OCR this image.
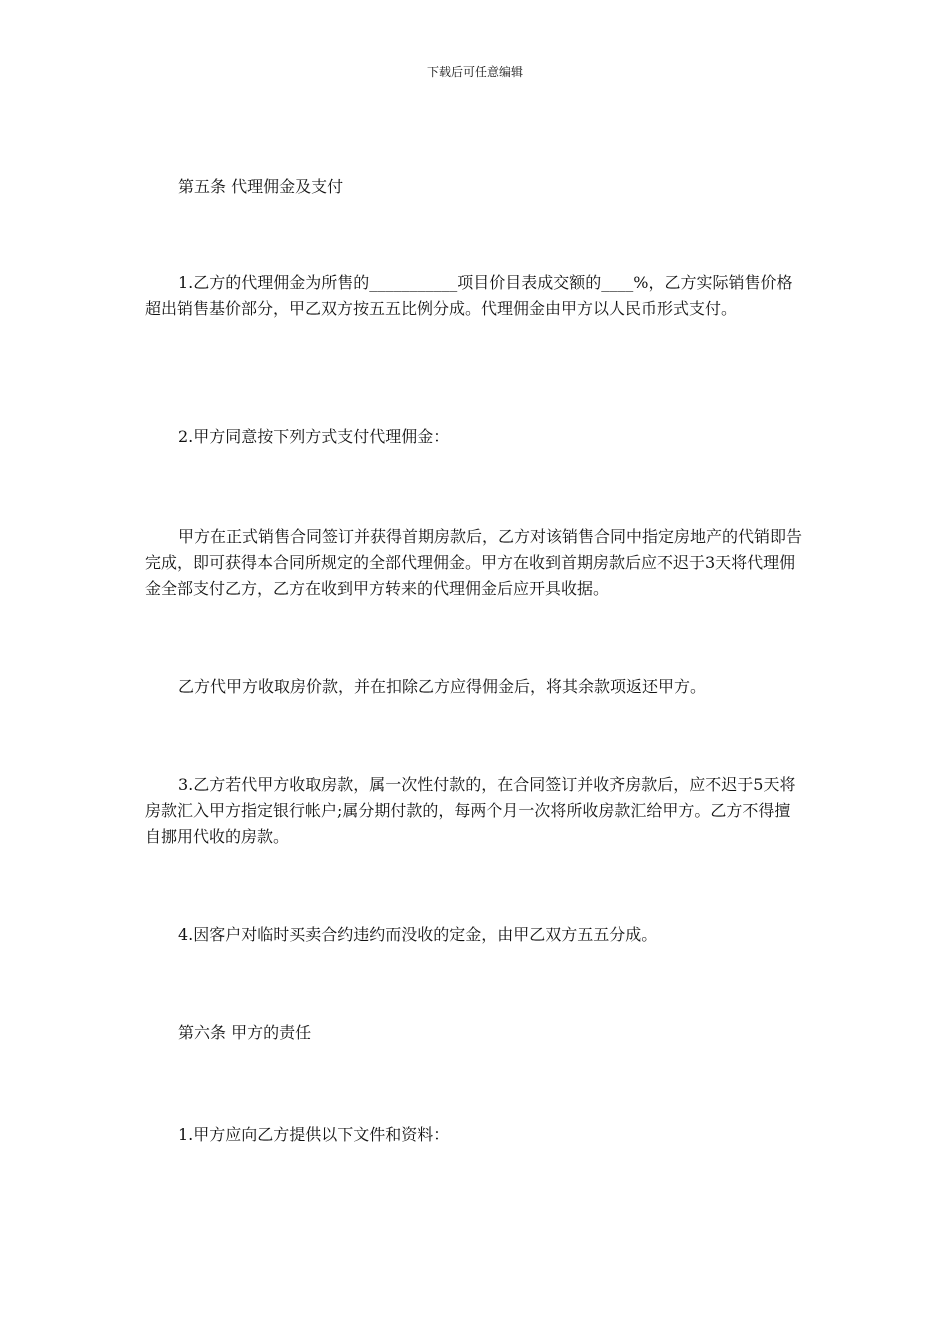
下载后可任意编辑

第五条 代理佣金及支付

1.乙方的代理佣金为所售的___________项目价目表成交额的____%，乙方实际销售价格超出销售基价部分，甲乙双方按五五比例分成。代理佣金由甲方以人民币形式支付。

2.甲方同意按下列方式支付代理佣金：

甲方在正式销售合同签订并获得首期房款后，乙方对该销售合同中指定房地产的代销即告完成，即可获得本合同所规定的全部代理佣金。甲方在收到首期房款后应不迟于3天将代理佣金全部支付乙方，乙方在收到甲方转来的代理佣金后应开具收据。

乙方代甲方收取房价款，并在扣除乙方应得佣金后，将其余款项返还甲方。

3.乙方若代甲方收取房款，属一次性付款的，在合同签订并收齐房款后，应不迟于5天将房款汇入甲方指定银行帐户;属分期付款的，每两个月一次将所收房款汇给甲方。乙方不得擅自挪用代收的房款。

4.因客户对临时买卖合约违约而没收的定金，由甲乙双方五五分成。

第六条 甲方的责任

1.甲方应向乙方提供以下文件和资料：
